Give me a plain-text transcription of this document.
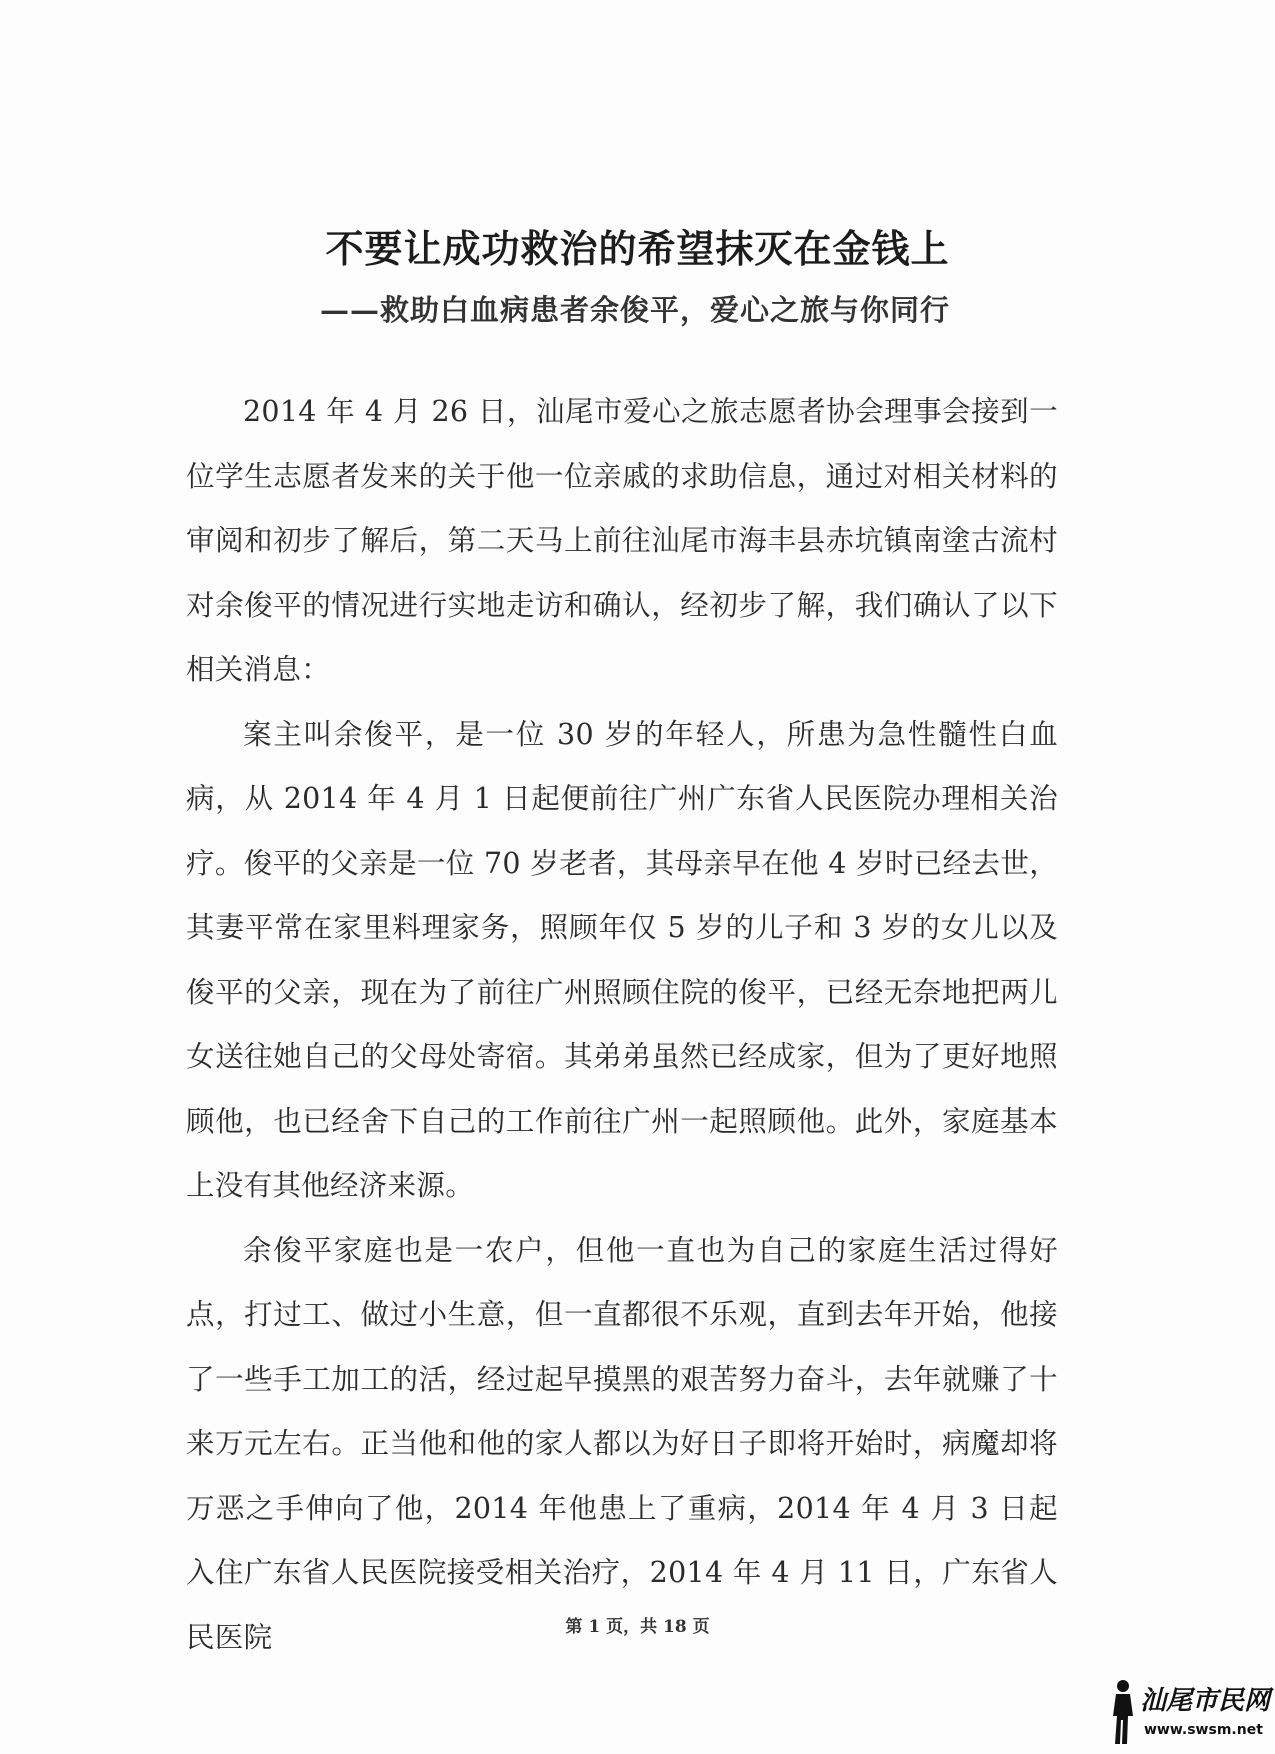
不要让成功救治的希望抹灭在金钱上
——救助白血病患者余俊平，爱心之旅与你同行

2014 年 4 月 26 日，汕尾市爱心之旅志愿者协会理事会接到一位学生志愿者发来的关于他一位亲戚的求助信息，通过对相关材料的审阅和初步了解后，第二天马上前往汕尾市海丰县赤坑镇南塗古流村对余俊平的情况进行实地走访和确认，经初步了解，我们确认了以下相关消息：

案主叫余俊平，是一位 30 岁的年轻人，所患为急性髓性白血病，从 2014 年 4 月 1 日起便前往广州广东省人民医院办理相关治疗。俊平的父亲是一位 70 岁老者，其母亲早在他 4 岁时已经去世，其妻平常在家里料理家务，照顾年仅 5 岁的儿子和 3 岁的女儿以及俊平的父亲，现在为了前往广州照顾住院的俊平，已经无奈地把两儿女送往她自己的父母处寄宿。其弟弟虽然已经成家，但为了更好地照顾他，也已经舍下自己的工作前往广州一起照顾他。此外，家庭基本上没有其他经济来源。

余俊平家庭也是一农户，但他一直也为自己的家庭生活过得好点，打过工、做过小生意，但一直都很不乐观，直到去年开始，他接了一些手工加工的活，经过起早摸黑的艰苦努力奋斗，去年就赚了十来万元左右。正当他和他的家人都以为好日子即将开始时，病魔却将万恶之手伸向了他，2014 年他患上了重病，2014 年 4 月 3 日起入住广东省人民医院接受相关治疗，2014 年 4 月 11 日，广东省人民医院	第 1 页，共 18 页

汕尾市民网
www.swsm.net
